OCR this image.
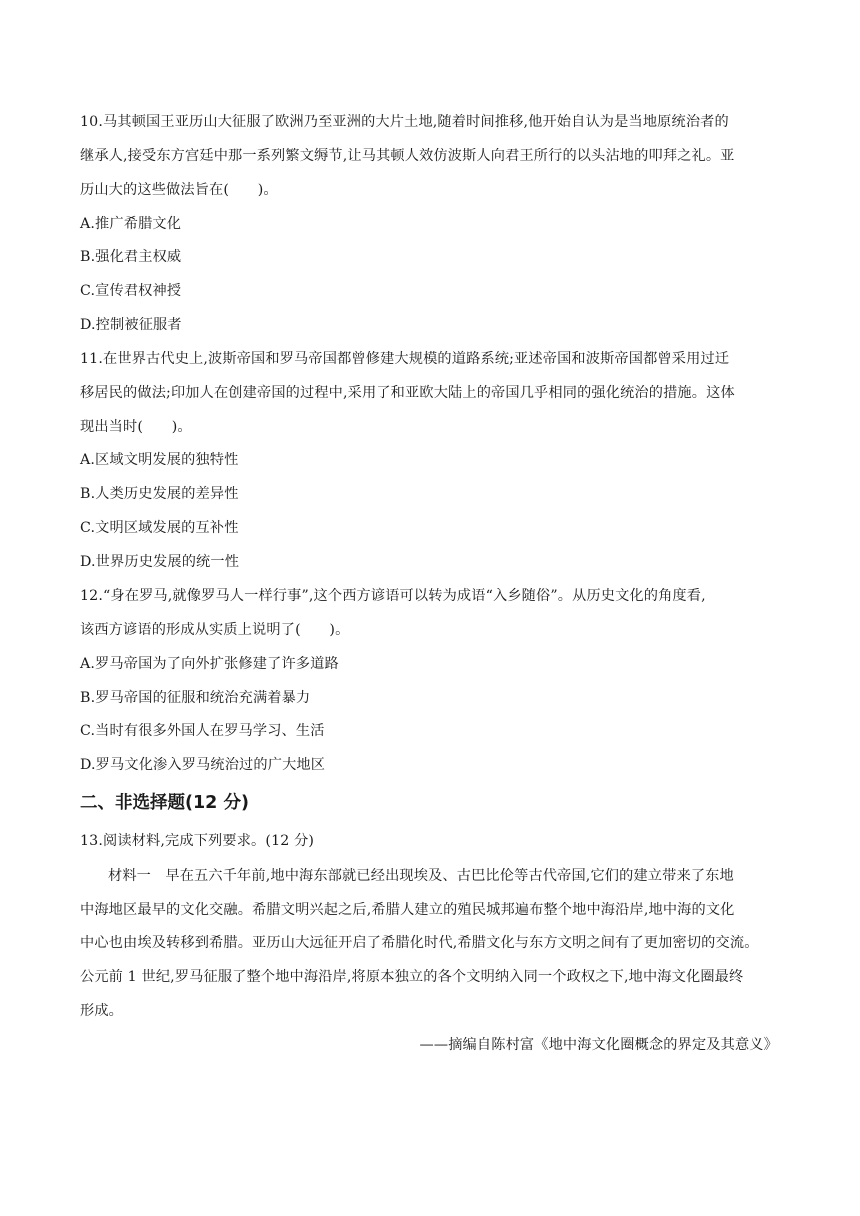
10.马其顿国王亚历山大征服了欧洲乃至亚洲的大片土地,随着时间推移,他开始自认为是当地原统治者的
继承人,接受东方宫廷中那一系列繁文缛节,让马其顿人效仿波斯人向君王所行的以头沾地的叩拜之礼。亚
历山大的这些做法旨在(　　)。
A.推广希腊文化
B.强化君主权威
C.宣传君权神授
D.控制被征服者
11.在世界古代史上,波斯帝国和罗马帝国都曾修建大规模的道路系统;亚述帝国和波斯帝国都曾采用过迁
移居民的做法;印加人在创建帝国的过程中,采用了和亚欧大陆上的帝国几乎相同的强化统治的措施。这体
现出当时(　　)。
A.区域文明发展的独特性
B.人类历史发展的差异性
C.文明区域发展的互补性
D.世界历史发展的统一性
12.“身在罗马,就像罗马人一样行事”,这个西方谚语可以转为成语“入乡随俗”。从历史文化的角度看,
该西方谚语的形成从实质上说明了(　　)。
A.罗马帝国为了向外扩张修建了许多道路
B.罗马帝国的征服和统治充满着暴力
C.当时有很多外国人在罗马学习、生活
D.罗马文化渗入罗马统治过的广大地区
二、非选择题(12 分)
13.阅读材料,完成下列要求。(12 分)
材料一　早在五六千年前,地中海东部就已经出现埃及、古巴比伦等古代帝国,它们的建立带来了东地
中海地区最早的文化交融。希腊文明兴起之后,希腊人建立的殖民城邦遍布整个地中海沿岸,地中海的文化
中心也由埃及转移到希腊。亚历山大远征开启了希腊化时代,希腊文化与东方文明之间有了更加密切的交流。
公元前 1 世纪,罗马征服了整个地中海沿岸,将原本独立的各个文明纳入同一个政权之下,地中海文化圈最终
形成。
——摘编自陈村富《地中海文化圈概念的界定及其意义》
